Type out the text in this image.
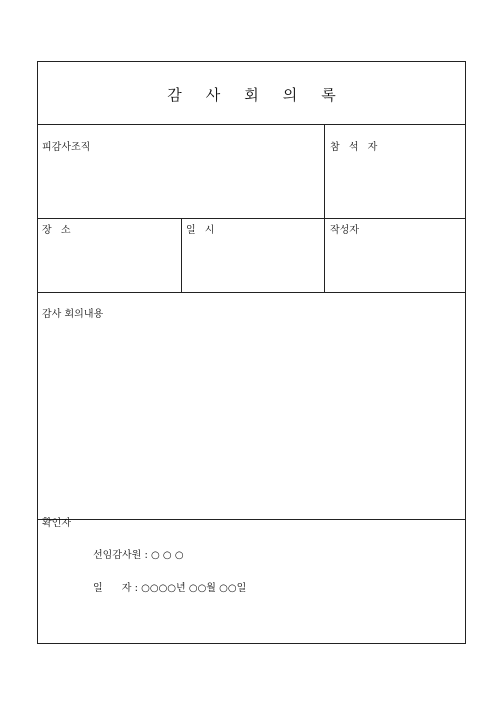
감 사 회 의 록
피감사조직	참 석 자
장 소	일 시	작성자
감사 회의내용
확인자
선임감사원 : ○ ○ ○
일      자 : ○○○○년 ○○월 ○○일
